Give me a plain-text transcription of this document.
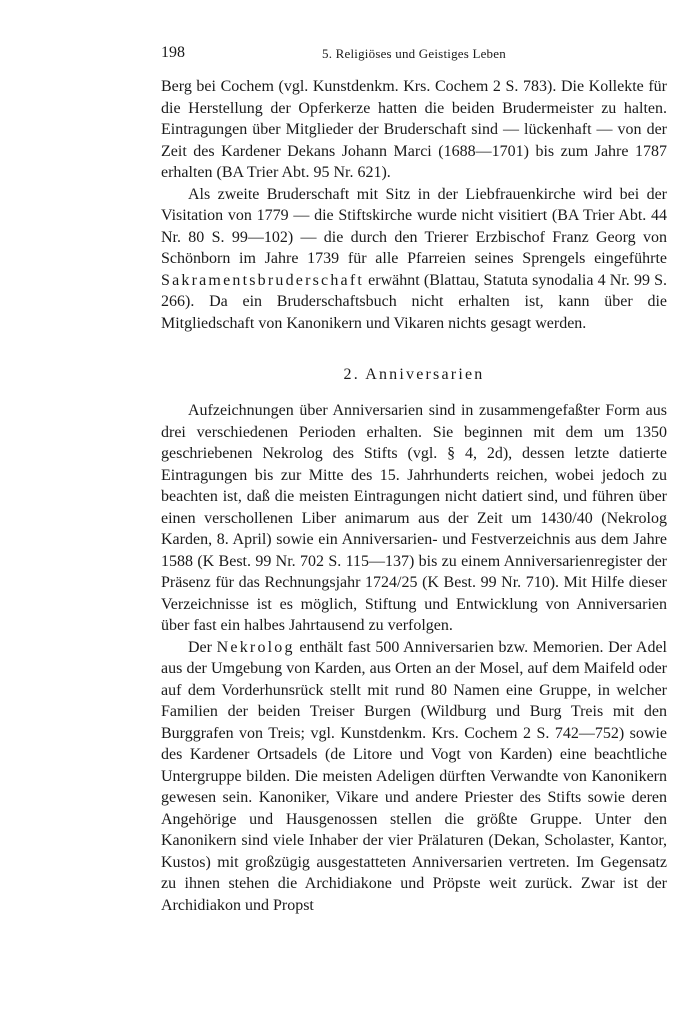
198	5. Religiöses und Geistiges Leben

Berg bei Cochem (vgl. Kunstdenkm. Krs. Cochem 2 S. 783). Die Kollekte für die Herstellung der Opferkerze hatten die beiden Brudermeister zu halten. Eintragungen über Mitglieder der Bruderschaft sind — lückenhaft — von der Zeit des Kardener Dekans Johann Marci (1688—1701) bis zum Jahre 1787 erhalten (BA Trier Abt. 95 Nr. 621).

Als zweite Bruderschaft mit Sitz in der Liebfrauenkirche wird bei der Visitation von 1779 — die Stiftskirche wurde nicht visitiert (BA Trier Abt. 44 Nr. 80 S. 99—102) — die durch den Trierer Erzbischof Franz Georg von Schönborn im Jahre 1739 für alle Pfarreien seines Sprengels eingeführte Sakramentsbruderschaft erwähnt (Blattau, Statuta synodalia 4 Nr. 99 S. 266). Da ein Bruderschaftsbuch nicht erhalten ist, kann über die Mitgliedschaft von Kanonikern und Vikaren nichts gesagt werden.

2. Anniversarien

Aufzeichnungen über Anniversarien sind in zusammengefaßter Form aus drei verschiedenen Perioden erhalten. Sie beginnen mit dem um 1350 geschriebenen Nekrolog des Stifts (vgl. § 4, 2d), dessen letzte datierte Eintragungen bis zur Mitte des 15. Jahrhunderts reichen, wobei jedoch zu beachten ist, daß die meisten Eintragungen nicht datiert sind, und führen über einen verschollenen Liber animarum aus der Zeit um 1430/40 (Nekrolog Karden, 8. April) sowie ein Anniversarien- und Festverzeichnis aus dem Jahre 1588 (K Best. 99 Nr. 702 S. 115—137) bis zu einem Anniversarienregister der Präsenz für das Rechnungsjahr 1724/25 (K Best. 99 Nr. 710). Mit Hilfe dieser Verzeichnisse ist es möglich, Stiftung und Entwicklung von Anniversarien über fast ein halbes Jahrtausend zu verfolgen.

Der Nekrolog enthält fast 500 Anniversarien bzw. Memorien. Der Adel aus der Umgebung von Karden, aus Orten an der Mosel, auf dem Maifeld oder auf dem Vorderhunsrück stellt mit rund 80 Namen eine Gruppe, in welcher Familien der beiden Treiser Burgen (Wildburg und Burg Treis mit den Burggrafen von Treis; vgl. Kunstdenkm. Krs. Cochem 2 S. 742—752) sowie des Kardener Ortsadels (de Litore und Vogt von Karden) eine beachtliche Untergruppe bilden. Die meisten Adeligen dürften Verwandte von Kanonikern gewesen sein. Kanoniker, Vikare und andere Priester des Stifts sowie deren Angehörige und Hausgenossen stellen die größte Gruppe. Unter den Kanonikern sind viele Inhaber der vier Prälaturen (Dekan, Scholaster, Kantor, Kustos) mit großzügig ausgestatteten Anniversarien vertreten. Im Gegensatz zu ihnen stehen die Archidiakone und Pröpste weit zurück. Zwar ist der Archidiakon und Propst
